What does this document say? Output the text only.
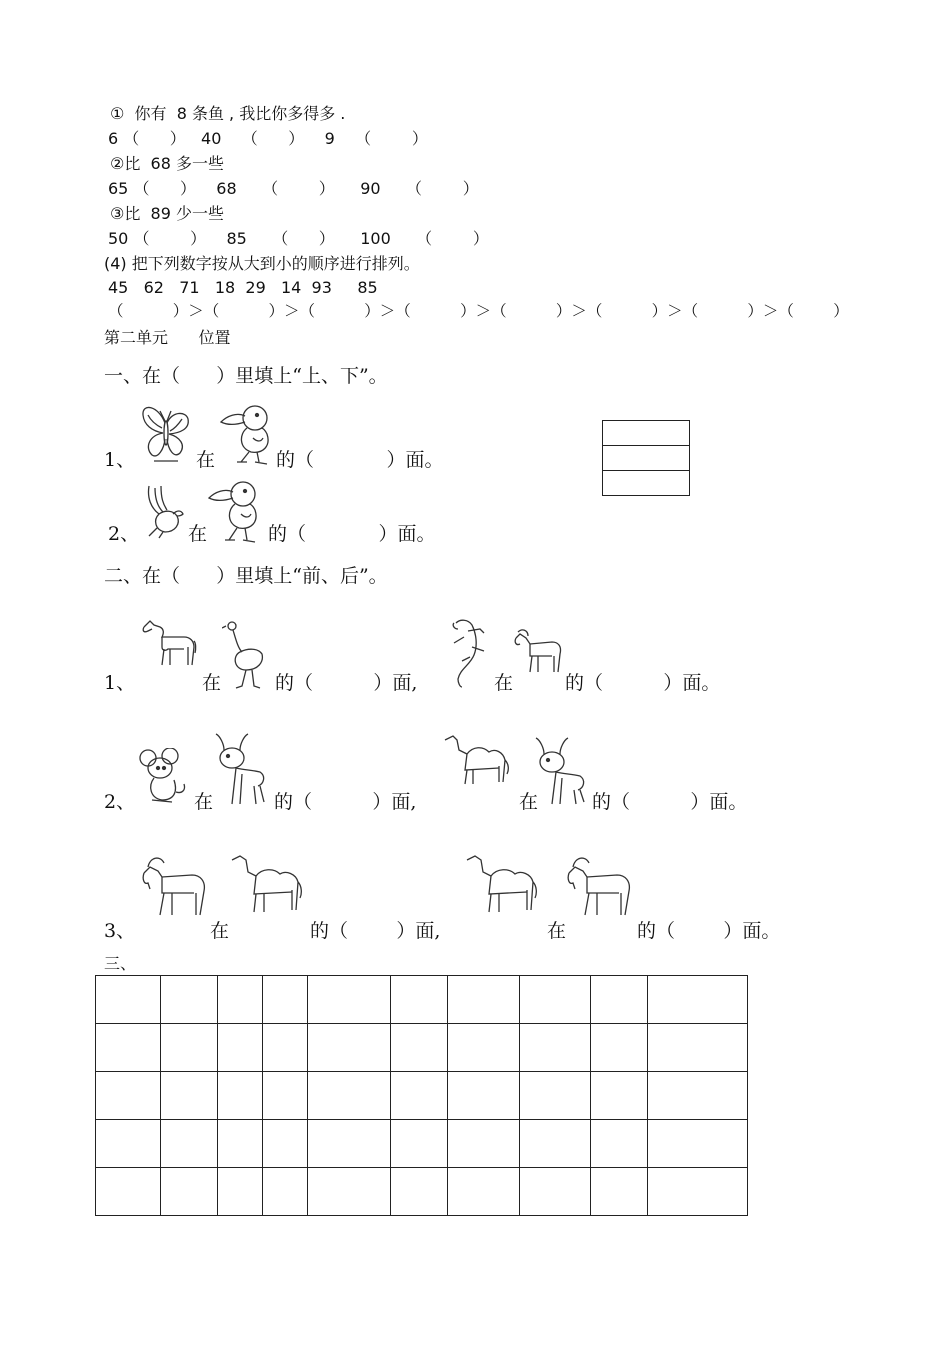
①  你有  8 条鱼 , 我比你多得多 .
6 （      ）   40    （      ）    9    （        ）
②比  68 多一些
65 （      ）    68     （        ）     90     （        ）
③比  89 少一些
50 （        ）    85     （      ）     100     （        ）
(4) 把下列数字按从大到小的顺序进行排列。
45   62   71   18  29   14  93     85
（          ）＞（          ）＞（          ）＞（          ）＞（          ）＞（          ）＞（          ）＞（        ）
第二单元      位置
一、在（      ）里填上“上、下”。
1、	在	的（            ）面。
2、	在	的（            ）面。
二、在（      ）里填上“前、后”。
1、	在	的（          ）面,	在	的（          ）面。
2、	在	的（          ）面,	在	的（          ）面。
3、	在	的（        ）面,	在	的（        ）面。
三、
